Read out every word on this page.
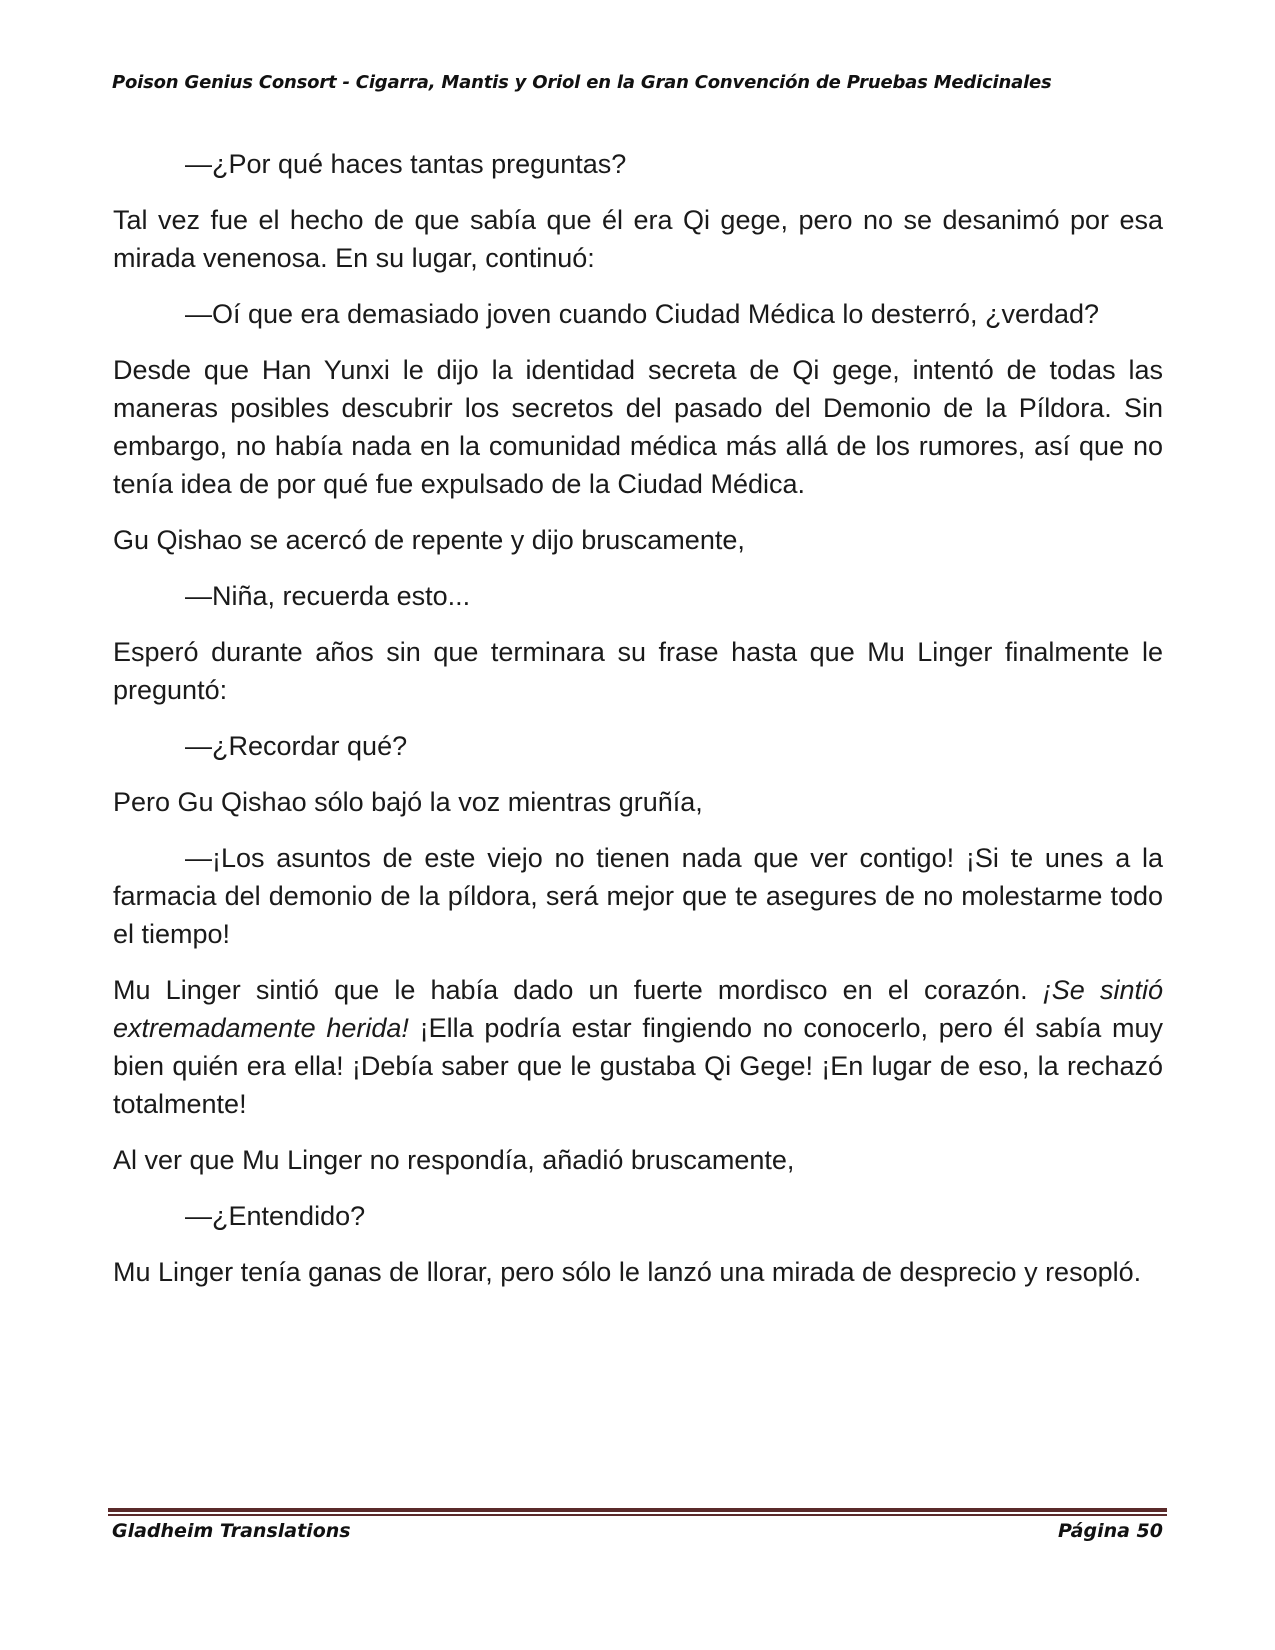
Poison Genius Consort - Cigarra, Mantis y Oriol en la Gran Convención de Pruebas Medicinales

—¿Por qué haces tantas preguntas?

Tal vez fue el hecho de que sabía que él era Qi gege, pero no se desanimó por esa mirada venenosa. En su lugar, continuó:

—Oí que era demasiado joven cuando Ciudad Médica lo desterró, ¿verdad?

Desde que Han Yunxi le dijo la identidad secreta de Qi gege, intentó de todas las maneras posibles descubrir los secretos del pasado del Demonio de la Píldora. Sin embargo, no había nada en la comunidad médica más allá de los rumores, así que no tenía idea de por qué fue expulsado de la Ciudad Médica.

Gu Qishao se acercó de repente y dijo bruscamente,

—Niña, recuerda esto...

Esperó durante años sin que terminara su frase hasta que Mu Linger finalmente le preguntó:

—¿Recordar qué?

Pero Gu Qishao sólo bajó la voz mientras gruñía,

—¡Los asuntos de este viejo no tienen nada que ver contigo! ¡Si te unes a la farmacia del demonio de la píldora, será mejor que te asegures de no molestarme todo el tiempo!

Mu Linger sintió que le había dado un fuerte mordisco en el corazón. ¡Se sintió extremadamente herida! ¡Ella podría estar fingiendo no conocerlo, pero él sabía muy bien quién era ella! ¡Debía saber que le gustaba Qi Gege! ¡En lugar de eso, la rechazó totalmente!

Al ver que Mu Linger no respondía, añadió bruscamente,

—¿Entendido?

Mu Linger tenía ganas de llorar, pero sólo le lanzó una mirada de desprecio y resopló.

Gladheim Translations	Página 50
